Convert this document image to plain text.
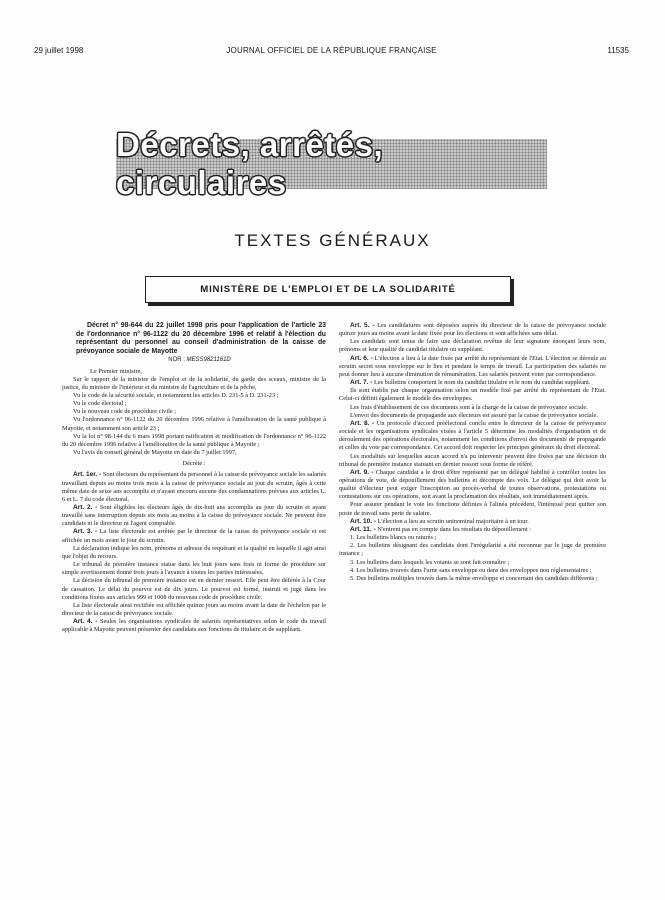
29 juillet 1998	JOURNAL OFFICIEL DE LA RÉPUBLIQUE FRANÇAISE	11535
Décrets, arrêtés, circulaires
TEXTES GÉNÉRAUX
MINISTÈRE DE L'EMPLOI ET DE LA SOLIDARITÉ

Décret n° 98-644 du 22 juillet 1998 pris pour l'application de l'article 23 de l'ordonnance n° 96-1122 du 20 décembre 1996 et relatif à l'élection du représentant du personnel au conseil d'administration de la caisse de prévoyance sociale de Mayotte

NOR : MESS9821161D

Le Premier ministre,

Sur le rapport de la ministre de l'emploi et de la solidarité, du garde des sceaux, ministre de la justice, du ministre de l'intérieur et du ministre de l'agriculture et de la pêche,

Vu le code de la sécurité sociale, et notamment les articles D. 231-5 à D. 231-23 ;

Vu le code électoral ;

Vu le nouveau code de procédure civile ;

Vu l'ordonnance n° 96-1122 du 20 décembre 1996 relative à l'amélioration de la santé publique à Mayotte, et notamment son article 23 ;

Vu la loi n° 98-144 du 6 mars 1998 portant ratification et modification de l'ordonnance n° 96-1122 du 20 décembre 1996 relative à l'amélioration de la santé publique à Mayotte ;

Vu l'avis du conseil général de Mayotte en date du 7 juillet 1997,

Décrète :

Art. 1er. - Sont électeurs du représentant du personnel à la caisse de prévoyance sociale les salariés travaillant depuis au moins trois mois à la caisse de prévoyance sociale au jour du scrutin, âgés à cette même date de seize ans accomplis et n'ayant encouru aucune des condamnations prévues aux articles L. 6 et L. 7 du code électoral.

Art. 2. - Sont éligibles les électeurs âgés de dix-huit ans accomplis au jour du scrutin et ayant travaillé sans interruption depuis six mois au moins à la caisse de prévoyance sociale. Ne peuvent être candidats ni le directeur ni l'agent comptable.

Art. 3. - La liste électorale est arrêtée par le directeur de la caisse de prévoyance sociale et est affichée un mois avant le jour du scrutin.

La déclaration indique les nom, prénoms et adresse du requérant et la qualité en laquelle il agit ainsi que l'objet du recours.

Le tribunal de première instance statue dans les huit jours sans frais ni forme de procédure sur simple avertissement donné trois jours à l'avance à toutes les parties intéressées.

La décision du tribunal de première instance est en dernier ressort. Elle peut être déférée à la Cour de cassation. Le délai du pourvoi est de dix jours. Le pourvoi est formé, instruit et jugé dans les conditions fixées aux articles 999 et 1008 du nouveau code de procédure civile.

La liste électorale ainsi rectifiée est affichée quinze jours au moins avant la date de l'échelon par le directeur de la caisse de prévoyance sociale.

Art. 4. - Seules les organisations syndicales de salariés représentatives selon le code du travail applicable à Mayotte peuvent présenter des candidats aux fonctions de titulaire et de suppléant.

Art. 5. - Les candidatures sont déposées auprès du directeur de la caisse de prévoyance sociale quinze jours au moins avant la date fixée pour les élections et sont affichées sans délai.

Les candidats sont tenus de faire une déclaration revêtue de leur signature énonçant leurs nom, prénoms et leur qualité de candidat titulaire ou suppléant.

Art. 6. - L'élection a lieu à la date fixée par arrêté du représentant de l'Etat. L'élection se déroule au scrutin secret sous enveloppe sur le lieu et pendant le temps de travail. La participation des salariés ne peut donner lieu à aucune diminution de rémunération. Les salariés peuvent voter par correspondance.

Art. 7. - Les bulletins comportent le nom du candidat titulaire et le nom du candidat suppléant.

Ils sont établis par chaque organisation selon un modèle fixé par arrêté du représentant de l'Etat. Celui-ci définit également le modèle des enveloppes.

Les frais d'établissement de ces documents sont à la charge de la caisse de prévoyance sociale.

L'envoi des documents de propagande aux électeurs est assuré par la caisse de prévoyance sociale.

Art. 8. - Un protocole d'accord préélectoral conclu entre le directeur de la caisse de prévoyance sociale et les organisations syndicales visées à l'article 5 détermine les modalités d'organisation et de déroulement des opérations électorales, notamment les conditions d'envoi des documents de propagande et celles du vote par correspondance. Cet accord doit respecter les principes généraux du droit électoral.

Les modalités sur lesquelles aucun accord n'a pu intervenir peuvent être fixées par une décision du tribunal de première instance statuant en dernier ressort sous forme de référé.

Art. 9. - Chaque candidat a le droit d'être représenté par un délégué habilité à contrôler toutes les opérations de vote, de dépouillement des bulletins et décompte des voix. Le délégué qui doit avoir la qualité d'électeur peut exiger l'inscription au procès-verbal de toutes observations, protestations ou contestations sur ces opérations, soit avant la proclamation des résultats, soit immédiatement après.

Pour assurer pendant le vote les fonctions définies à l'alinéa précédent, l'intéressé peut quitter son poste de travail sans perte de salaire.

Art. 10. - L'élection a lieu au scrutin uninominal majoritaire à un tour.

Art. 11. - N'entrent pas en compte dans les résultats du dépouillement :

1. Les bulletins blancs ou raturés ;

2. Les bulletins désignant des candidats dont l'irrégularité a été reconnue par le juge de première instance ;

3. Les bulletins dans lesquels les votants se sont fait connaître ;

4. Les bulletins trouvés dans l'urne sans enveloppe ou dans des enveloppes non réglementaires ;

5. Des bulletins multiples trouvés dans la même enveloppe et concernant des candidats différents ;
